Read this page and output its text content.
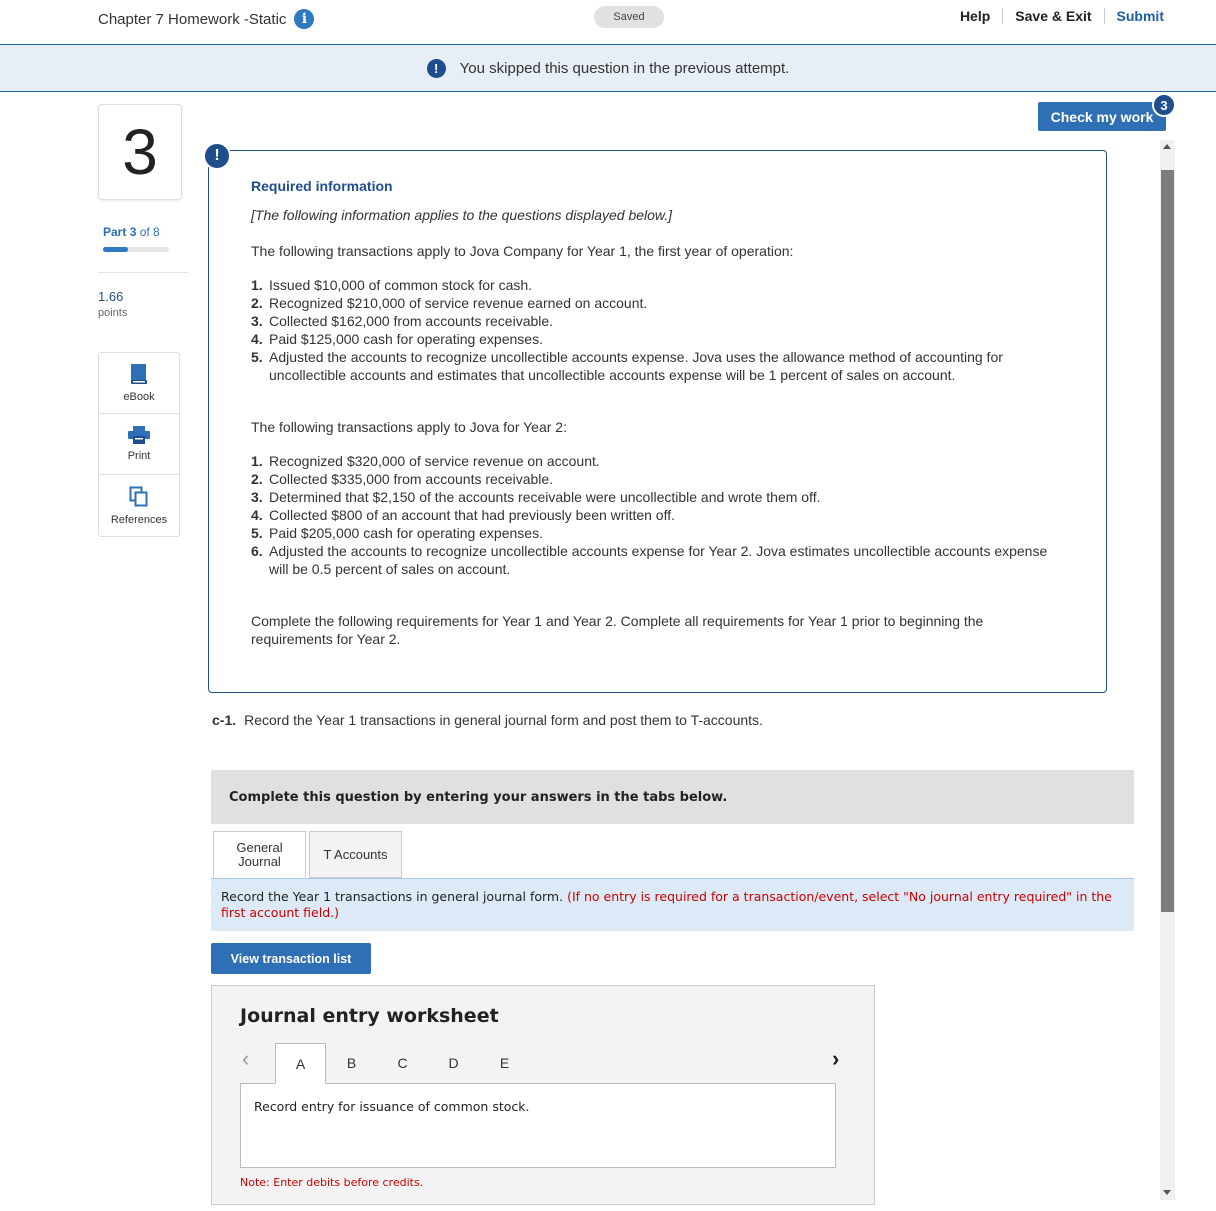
Chapter 7 Homework -Static	i	Saved	Help	Save & Exit	Submit
!	You skipped this question in the previous attempt.
3
Part 3 of 8
1.66
points
eBook
Print
References
Check my work
3
!
Required information
[The following information applies to the questions displayed below.]
The following transactions apply to Jova Company for Year 1, the first year of operation:
1. Issued $10,000 of common stock for cash.
2. Recognized $210,000 of service revenue earned on account.
3. Collected $162,000 from accounts receivable.
4. Paid $125,000 cash for operating expenses.
5. Adjusted the accounts to recognize uncollectible accounts expense. Jova uses the allowance method of accounting for uncollectible accounts and estimates that uncollectible accounts expense will be 1 percent of sales on account.
The following transactions apply to Jova for Year 2:
1. Recognized $320,000 of service revenue on account.
2. Collected $335,000 from accounts receivable.
3. Determined that $2,150 of the accounts receivable were uncollectible and wrote them off.
4. Collected $800 of an account that had previously been written off.
5. Paid $205,000 cash for operating expenses.
6. Adjusted the accounts to recognize uncollectible accounts expense for Year 2. Jova estimates uncollectible accounts expense will be 0.5 percent of sales on account.
Complete the following requirements for Year 1 and Year 2. Complete all requirements for Year 1 prior to beginning the requirements for Year 2.
c-1. Record the Year 1 transactions in general journal form and post them to T-accounts.
Complete this question by entering your answers in the tabs below.
General Journal	T Accounts
Record the Year 1 transactions in general journal form. (If no entry is required for a transaction/event, select "No journal entry required" in the first account field.)
View transaction list
Journal entry worksheet
‹	A	B	C	D	E	›
Record entry for issuance of common stock.
Note: Enter debits before credits.
